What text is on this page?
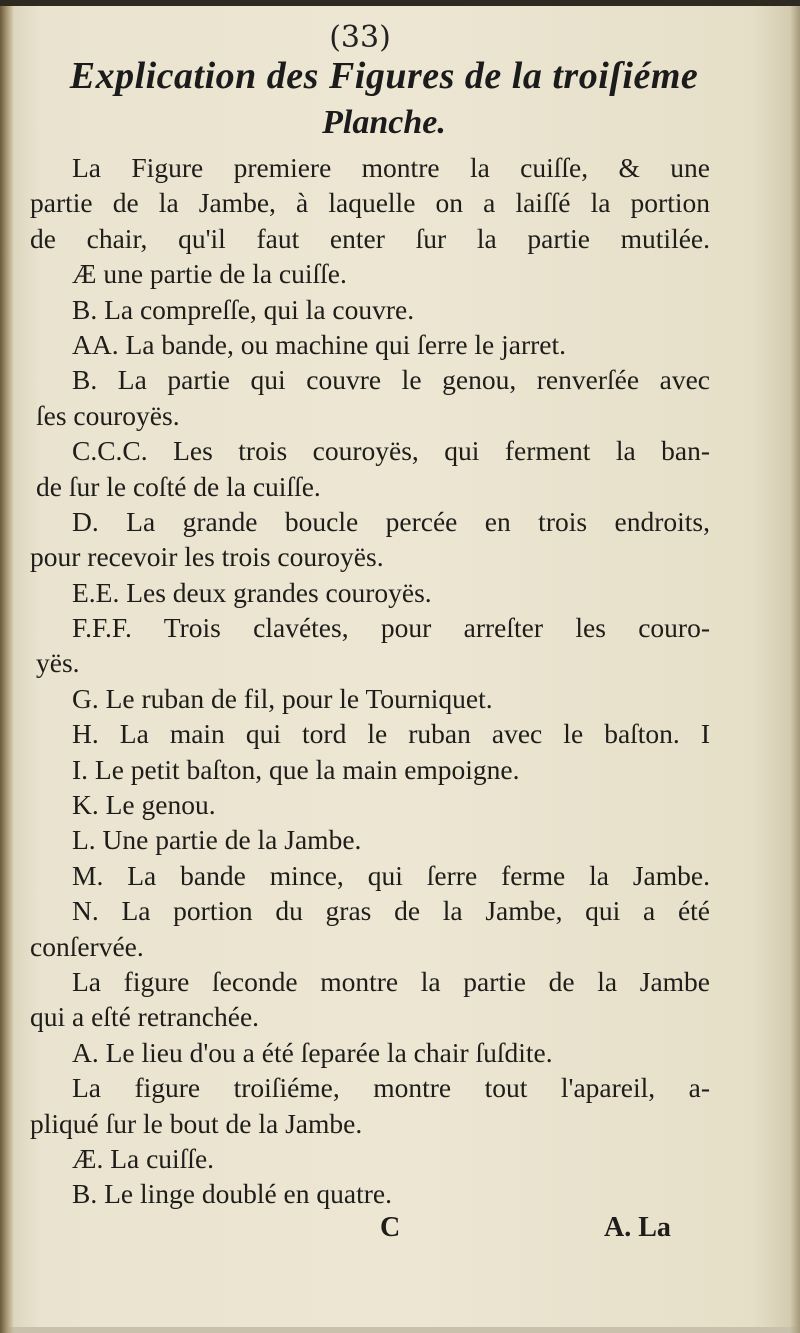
(33)
Explication des Figures de la troiſiéme
Planche.
La Figure premiere montre la cuiſſe, & une
partie de la Jambe, à laquelle on a laiſſé la portion
de chair, qu'il faut enter ſur la partie mutilée.
Æ une partie de la cuiſſe.
B. La compreſſe, qui la couvre.
AA. La bande, ou machine qui ſerre le jarret.
B. La partie qui couvre le genou, renverſée avec
ſes couroyës.
C.C.C. Les trois couroyës, qui ferment la ban-
de ſur le coſté de la cuiſſe.
D. La grande boucle percée en trois endroits,
pour recevoir les trois couroyës.
E.E. Les deux grandes couroyës.
F.F.F. Trois clavétes, pour arreſter les couro-
yës.
G. Le ruban de fil, pour le Tourniquet.
H. La main qui tord le ruban avec le baſton. I
I. Le petit baſton, que la main empoigne.
K. Le genou.
L. Une partie de la Jambe.
M. La bande mince, qui ſerre ferme la Jambe.
N. La portion du gras de la Jambe, qui a été
conſervée.
La figure ſeconde montre la partie de la Jambe
qui a eſté retranchée.
A. Le lieu d'ou a été ſeparée la chair ſuſdite.
La figure troiſiéme, montre tout l'apareil, a-
pliqué ſur le bout de la Jambe.
Æ. La cuiſſe.
B. Le linge doublé en quatre.
C	A. La
